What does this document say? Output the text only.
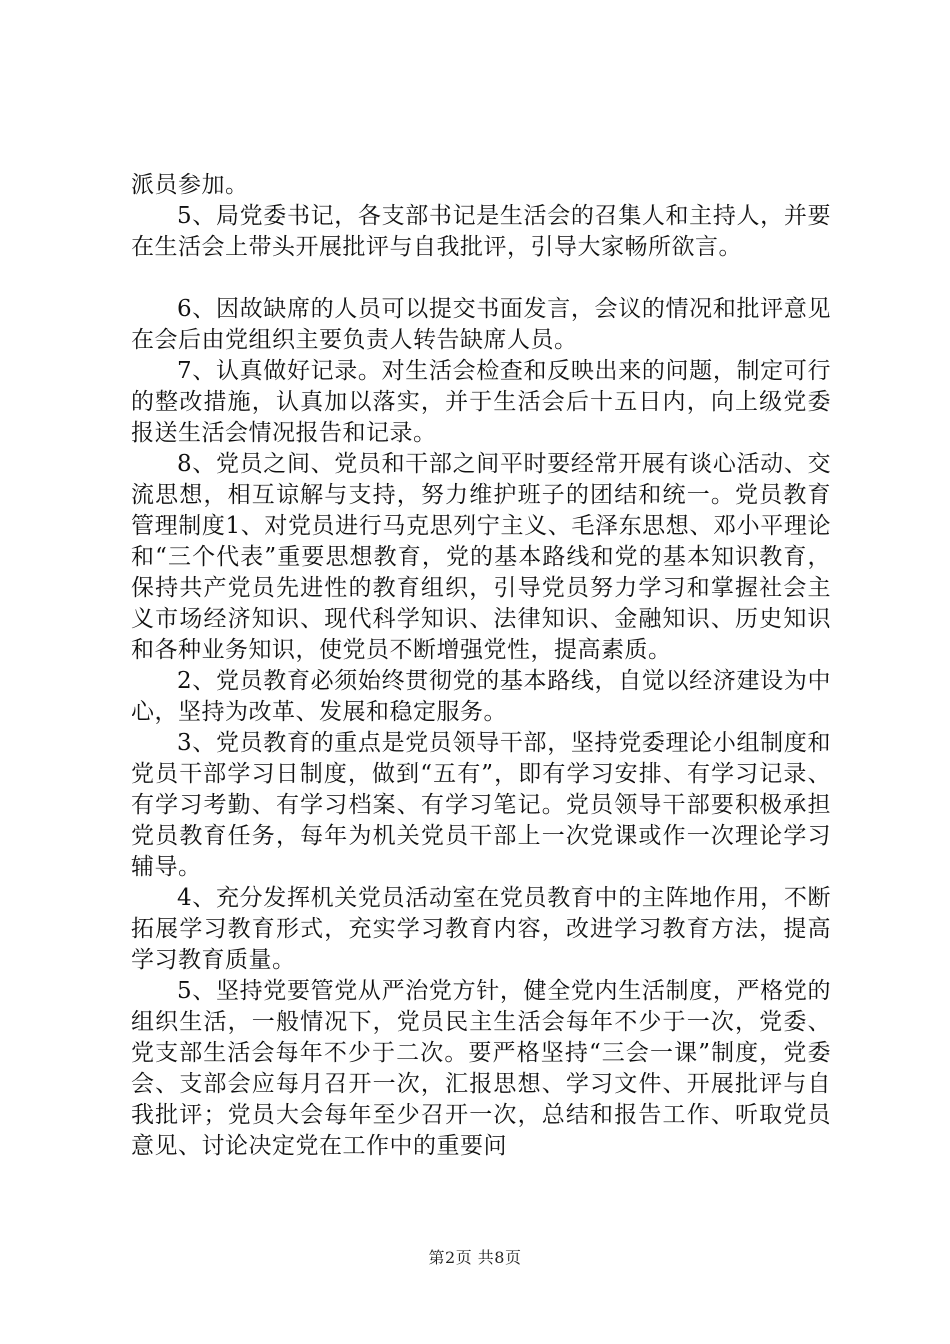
派员参加。

5、局党委书记，各支部书记是生活会的召集人和主持人，并要在生活会上带头开展批评与自我批评，引导大家畅所欲言。

6、因故缺席的人员可以提交书面发言，会议的情况和批评意见在会后由党组织主要负责人转告缺席人员。

7、认真做好记录。对生活会检查和反映出来的问题，制定可行的整改措施，认真加以落实，并于生活会后十五日内，向上级党委报送生活会情况报告和记录。

8、党员之间、党员和干部之间平时要经常开展有谈心活动、交流思想，相互谅解与支持，努力维护班子的团结和统一。党员教育管理制度1、对党员进行马克思列宁主义、毛泽东思想、邓小平理论和“三个代表”重要思想教育，党的基本路线和党的基本知识教育，保持共产党员先进性的教育组织，引导党员努力学习和掌握社会主义市场经济知识、现代科学知识、法律知识、金融知识、历史知识和各种业务知识，使党员不断增强党性，提高素质。

2、党员教育必须始终贯彻党的基本路线，自觉以经济建设为中心，坚持为改革、发展和稳定服务。

3、党员教育的重点是党员领导干部，坚持党委理论小组制度和党员干部学习日制度，做到“五有”，即有学习安排、有学习记录、有学习考勤、有学习档案、有学习笔记。党员领导干部要积极承担党员教育任务，每年为机关党员干部上一次党课或作一次理论学习辅导。

4、充分发挥机关党员活动室在党员教育中的主阵地作用，不断拓展学习教育形式，充实学习教育内容，改进学习教育方法，提高学习教育质量。

5、坚持党要管党从严治党方针，健全党内生活制度，严格党的组织生活，一般情况下，党员民主生活会每年不少于一次，党委、党支部生活会每年不少于二次。要严格坚持“三会一课”制度，党委会、支部会应每月召开一次，汇报思想、学习文件、开展批评与自我批评；党员大会每年至少召开一次，总结和报告工作、听取党员意见、讨论决定党在工作中的重要问

第2页 共8页
